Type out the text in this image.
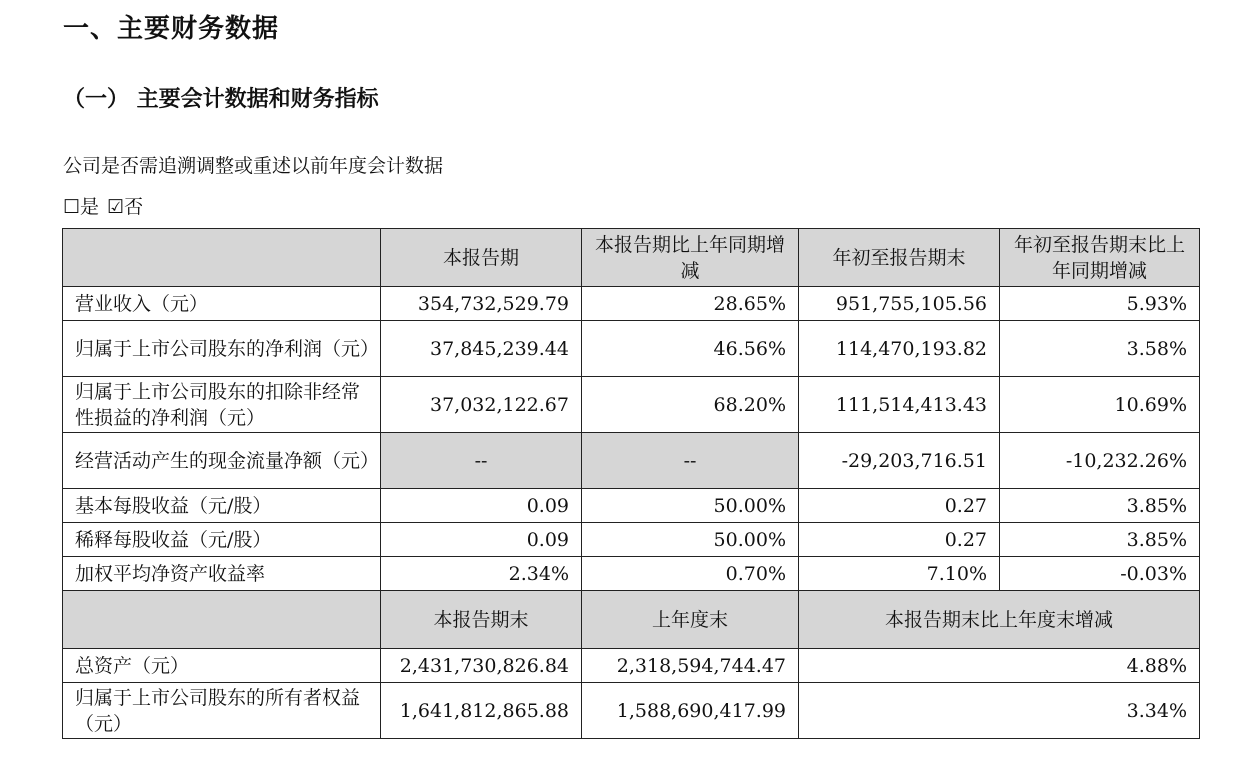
一、主要财务数据
（一） 主要会计数据和财务指标
公司是否需追溯调整或重述以前年度会计数据
☐是 ☑否
	本报告期	本报告期比上年同期增减	年初至报告期末	年初至报告期末比上年同期增减
营业收入（元）	354,732,529.79	28.65%	951,755,105.56	5.93%
归属于上市公司股东的净利润（元）	37,845,239.44	46.56%	114,470,193.82	3.58%
归属于上市公司股东的扣除非经常性损益的净利润（元）	37,032,122.67	68.20%	111,514,413.43	10.69%
经营活动产生的现金流量净额（元）	--	--	-29,203,716.51	-10,232.26%
基本每股收益（元/股）	0.09	50.00%	0.27	3.85%
稀释每股收益（元/股）	0.09	50.00%	0.27	3.85%
加权平均净资产收益率	2.34%	0.70%	7.10%	-0.03%
	本报告期末	上年度末	本报告期末比上年度末增减	
总资产（元）	2,431,730,826.84	2,318,594,744.47	4.88%	
归属于上市公司股东的所有者权益（元）	1,641,812,865.88	1,588,690,417.99	3.34%	
